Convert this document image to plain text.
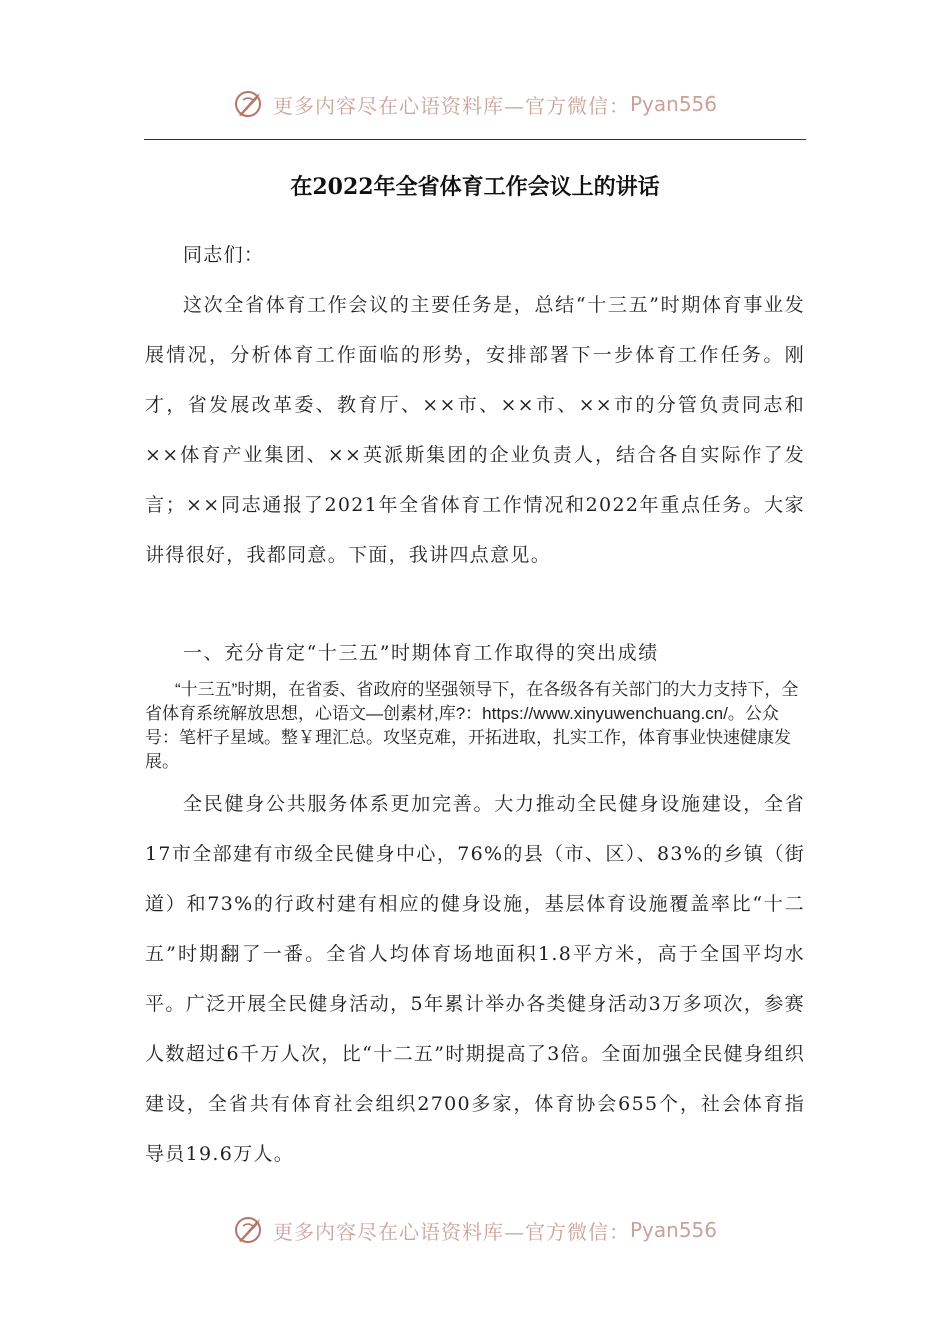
更多内容尽在心语资料库—官方微信： Pyan556
在2022年全省体育工作会议上的讲话

同志们：

这次全省体育工作会议的主要任务是，总结“十三五”时期体育事业发展情况，分析体育工作面临的形势，安排部署下一步体育工作任务。刚才，省发展改革委、教育厅、××市、××市、××市的分管负责同志和××体育产业集团、××英派斯集团的企业负责人，结合各自实际作了发言；××同志通报了2021年全省体育工作情况和2022年重点任务。大家讲得很好，我都同意。下面，我讲四点意见。

一、充分肯定“十三五”时期体育工作取得的突出成绩

“十三五”时期，在省委、省政府的坚强领导下，在各级各有关部门的大力支持下，全省体育系统解放思想，心语文—创素材,库?：https://www.xinyuwenchuang.cn/。公众号：笔杆子星域。整￥理汇总。攻坚克难，开拓进取，扎实工作，体育事业快速健康发展。

全民健身公共服务体系更加完善。大力推动全民健身设施建设，全省17市全部建有市级全民健身中心，76%的县（市、区）、83%的乡镇（街道）和73%的行政村建有相应的健身设施，基层体育设施覆盖率比“十二五”时期翻了一番。全省人均体育场地面积1.8平方米，高于全国平均水平。广泛开展全民健身活动，5年累计举办各类健身活动3万多项次，参赛人数超过6千万人次，比“十二五”时期提高了3倍。全面加强全民健身组织建设，全省共有体育社会组织2700多家，体育协会655个，社会体育指导员19.6万人。

更多内容尽在心语资料库—官方微信： Pyan556
